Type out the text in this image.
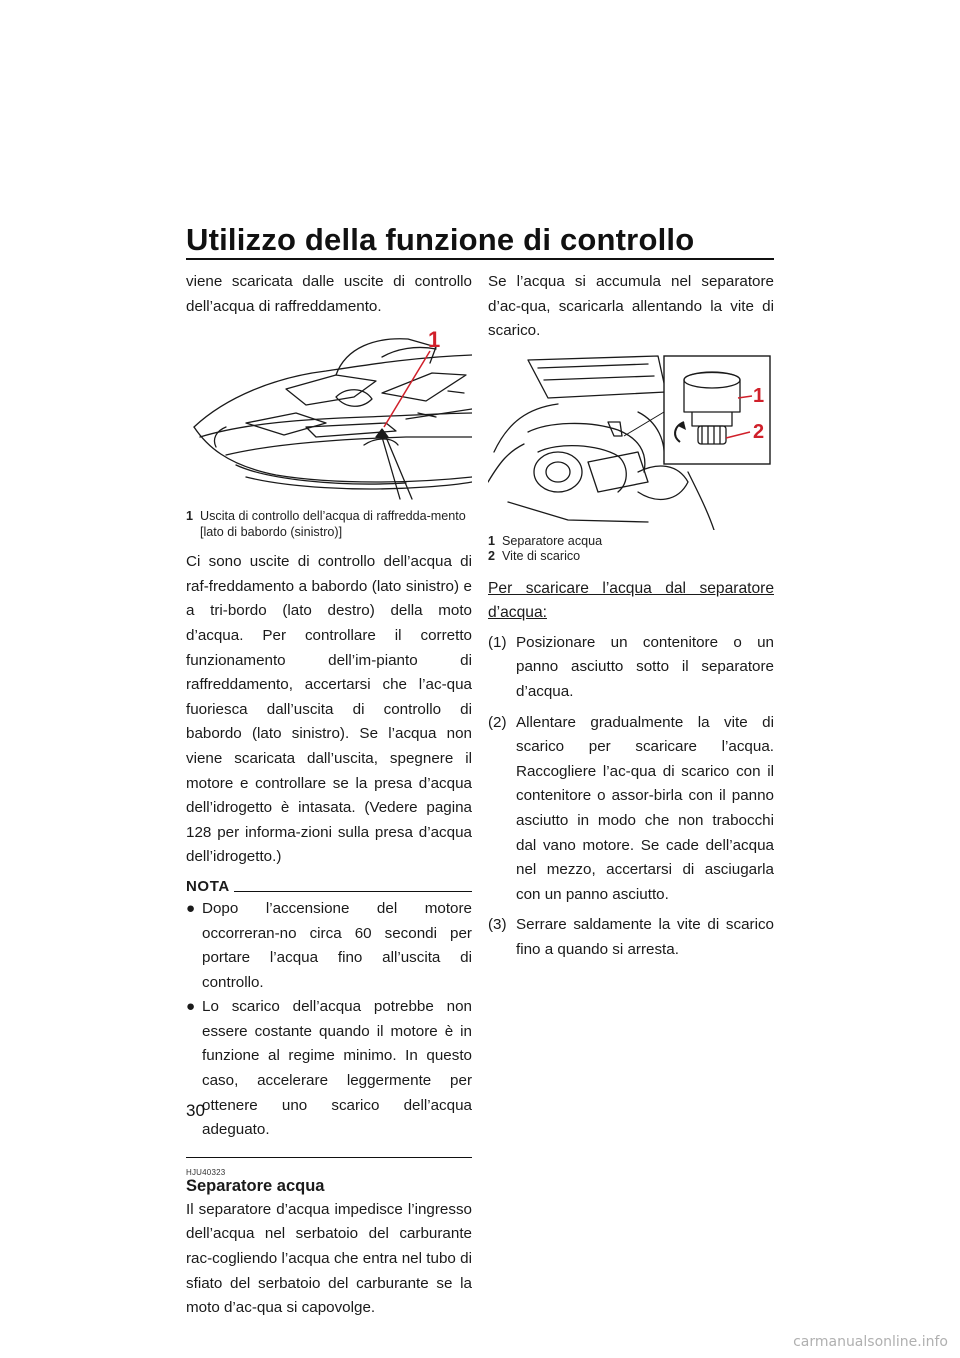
Utilizzo della funzione di controllo

viene scaricata dalle uscite di controllo dell’acqua di raffreddamento.

1
1 Uscita di controllo dell’acqua di raffredda-mento [lato di babordo (sinistro)]

Ci sono uscite di controllo dell’acqua di raf-freddamento a babordo (lato sinistro) e a tri-bordo (lato destro) della moto d’acqua. Per controllare il corretto funzionamento dell’im-pianto di raffreddamento, accertarsi che l’ac-qua fuoriesca dall’uscita di controllo di babordo (lato sinistro). Se l’acqua non viene scaricata dall’uscita, spegnere il motore e controllare se la presa d’acqua dell’idrogetto è intasata. (Vedere pagina 128 per informa-zioni sulla presa d’acqua dell’idrogetto.)

NOTA
● Dopo l’accensione del motore occorreran-no circa 60 secondi per portare l’acqua fino all’uscita di controllo.
● Lo scarico dell’acqua potrebbe non essere costante quando il motore è in funzione al regime minimo. In questo caso, accelerare leggermente per ottenere uno scarico dell’acqua adeguato.
HJU40323
Separatore acqua

Il separatore d’acqua impedisce l’ingresso dell’acqua nel serbatoio del carburante rac-cogliendo l’acqua che entra nel tubo di sfiato del serbatoio del carburante se la moto d’ac-qua si capovolge.

Se l’acqua si accumula nel separatore d’ac-qua, scaricarla allentando la vite di scarico.

1
2
1 Separatore acqua
2 Vite di scarico
Per scaricare l’acqua dal separatore d’acqua:
(1) Posizionare un contenitore o un panno asciutto sotto il separatore d’acqua.
(2) Allentare gradualmente la vite di scarico per scaricare l’acqua. Raccogliere l’ac-qua di scarico con il contenitore o assor-birla con il panno asciutto in modo che non trabocchi dal vano motore. Se cade dell’acqua nel mezzo, accertarsi di asciugarla con un panno asciutto.
(3) Serrare saldamente la vite di scarico fino a quando si arresta.
30
carmanualsonline.info
